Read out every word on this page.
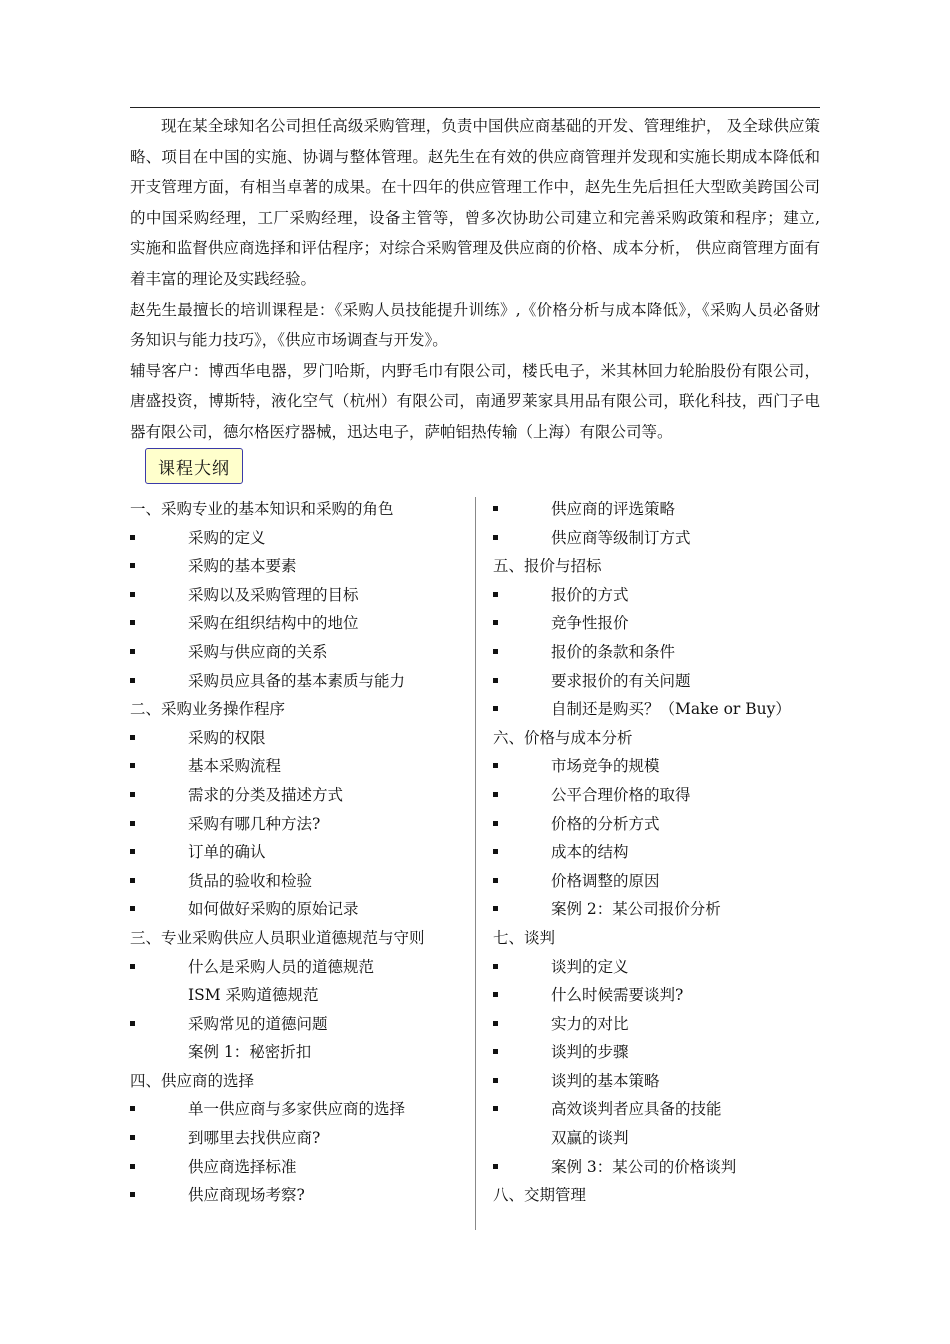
现在某全球知名公司担任高级采购管理，负责中国供应商基础的开发、管理维护， 及全球供应策略、项目在中国的实施、协调与整体管理。赵先生在有效的供应商管理并发现和实施长期成本降低和开支管理方面，有相当卓著的成果。在十四年的供应管理工作中，赵先生先后担任大型欧美跨国公司的中国采购经理，工厂采购经理，设备主管等，曾多次协助公司建立和完善采购政策和程序；建立, 实施和监督供应商选择和评估程序；对综合采购管理及供应商的价格、成本分析， 供应商管理方面有着丰富的理论及实践经验。

赵先生最擅长的培训课程是：《采购人员技能提升训练》,《价格分析与成本降低》，《采购人员必备财务知识与能力技巧》，《供应市场调查与开发》。

辅导客户：博西华电器，罗门哈斯，内野毛巾有限公司，楼氏电子，米其林回力轮胎股份有限公司，唐盛投资，博斯特，液化空气（杭州）有限公司，南通罗莱家具用品有限公司，联化科技，西门子电器有限公司，德尔格医疗器械，迅达电子，萨帕铝热传输（上海）有限公司等。

课程大纲
一、采购专业的基本知识和采购的角色
采购的定义
采购的基本要素
采购以及采购管理的目标
采购在组织结构中的地位
采购与供应商的关系
采购员应具备的基本素质与能力
二、采购业务操作程序
采购的权限
基本采购流程
需求的分类及描述方式
采购有哪几种方法?
订单的确认
货品的验收和检验
如何做好采购的原始记录
三、专业采购供应人员职业道德规范与守则
什么是采购人员的道德规范
ISM 采购道德规范
采购常见的道德问题
案例 1：秘密折扣
四、供应商的选择
单一供应商与多家供应商的选择
到哪里去找供应商?
供应商选择标准
供应商现场考察?
供应商的评选策略
供应商等级制订方式
五、报价与招标
报价的方式
竞争性报价
报价的条款和条件
要求报价的有关问题
自制还是购买？（Make or Buy）
六、价格与成本分析
市场竞争的规模
公平合理价格的取得
价格的分析方式
成本的结构
价格调整的原因
案例 2：某公司报价分析
七、谈判
谈判的定义
什么时候需要谈判?
实力的对比
谈判的步骤
谈判的基本策略
高效谈判者应具备的技能
双赢的谈判
案例 3：某公司的价格谈判
八、交期管理
